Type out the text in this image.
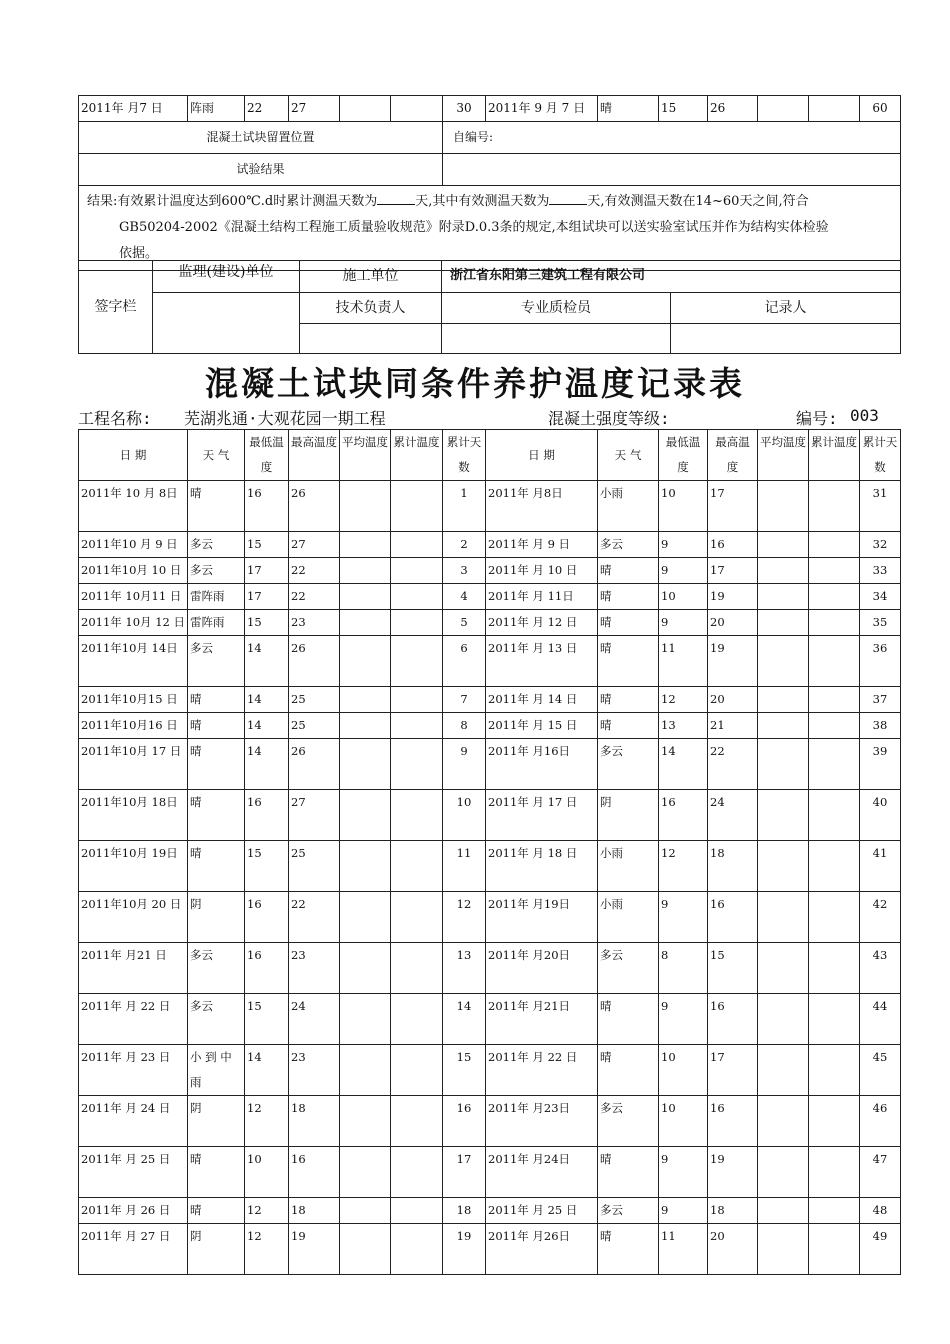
2011年 月7 日	阵雨	22	27			30	2011年 9 月 7 日	晴	15	26			60
混凝土试块留置位置						自编号:							
试验结果													
结果:有效累计温度达到600℃.d时累计测温天数为 天,其中有效测温天数为 天,有效测温天数在14~60天之间,符合
GB50204-2002《混凝土结构工程施工质量验收规范》附录D.0.3条的规定,本组试块可以送实验室试压并作为结构实体检验
依据。													
签字栏	监理(建设)单位	施工单位	浙江省东阳第三建筑工程有限公司	
		技术负责人	专业质检员	记录人

混凝土试块同条件养护温度记录表
工程名称: 芜湖兆通·大观花园一期工程	混凝土强度等级:	编号: 003
日 期	天 气	最低温度	最高温度	平均温度	累计温度	累计天数	日 期	天 气	最低温度	最高温度	平均温度	累计温度	累计天数
2011年 10 月 8日	晴	16	26			1	2011年 月8日	小雨	10	17			31
2011年10 月 9 日	多云	15	27			2	2011年 月 9 日	多云	9	16			32
2011年10月 10 日	多云	17	22			3	2011年 月 10 日	晴	9	17			33
2011年 10月11 日	雷阵雨	17	22			4	2011年 月 11日	晴	10	19			34
2011年 10月 12 日	雷阵雨	15	23			5	2011年 月 12 日	晴	9	20			35
2011年10月 14日	多云	14	26			6	2011年 月 13 日	晴	11	19			36
2011年10月15 日	晴	14	25			7	2011年 月 14 日	晴	12	20			37
2011年10月16 日	晴	14	25			8	2011年 月 15 日	晴	13	21			38
2011年10月 17 日	晴	14	26			9	2011年 月16日	多云	14	22			39
2011年10月 18日	晴	16	27			10	2011年 月 17 日	阴	16	24			40
2011年10月 19日	晴	15	25			11	2011年 月 18 日	小雨	12	18			41
2011年10月 20 日	阴	16	22			12	2011年 月19日	小雨	9	16			42
2011年 月21 日	多云	16	23			13	2011年 月20日	多云	8	15			43
2011年 月 22 日	多云	15	24			14	2011年 月21日	晴	9	16			44
2011年 月 23 日	小 到 中 雨	14	23			15	2011年 月 22 日	晴	10	17			45
2011年 月 24 日	阴	12	18			16	2011年 月23日	多云	10	16			46
2011年 月 25 日	晴	10	16			17	2011年 月24日	晴	9	19			47
2011年 月 26 日	晴	12	18			18	2011年 月 25 日	多云	9	18			48
2011年 月 27 日	阴	12	19			19	2011年 月26日	晴	11	20			49
